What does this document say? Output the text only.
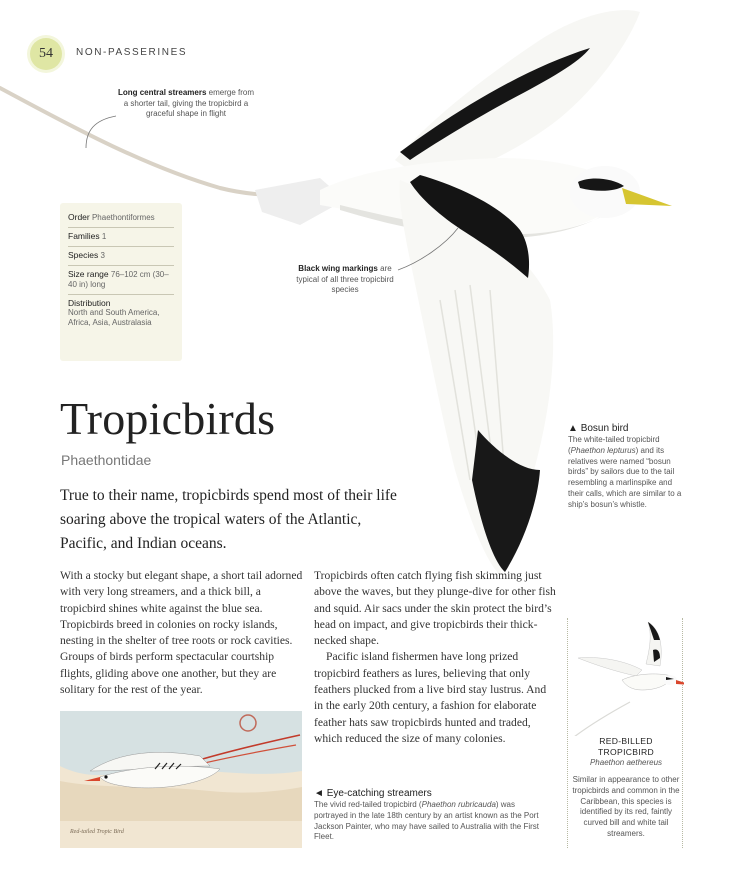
54 NON-PASSERINES
Long central streamers emerge from a shorter tail, giving the tropicbird a graceful shape in flight
Black wing markings are typical of all three tropicbird species
Order Phaethontiformes
Families 1
Species 3
Size range 76–102 cm (30–40 in) long
Distribution
North and South America, Africa, Asia, Australasia
Tropicbirds
Phaethontidae

True to their name, tropicbirds spend most of their life soaring above the tropical waters of the Atlantic, Pacific, and Indian oceans.

With a stocky but elegant shape, a short tail adorned with very long streamers, and a thick bill, a tropicbird shines white against the blue sea. Tropicbirds breed in colonies on rocky islands, nesting in the shelter of tree roots or rock cavities. Groups of birds perform spectacular courtship flights, gliding above one another, but they are solitary for the rest of the year.

Tropicbirds often catch flying fish skimming just above the waves, but they plunge-dive for other fish and squid. Air sacs under the skin protect the bird’s head on impact, and give tropicbirds their thick-necked shape.

Pacific island fishermen have long prized tropicbird feathers as lures, believing that only feathers plucked from a live bird stay lustrus. And in the early 20th century, a fashion for elaborate feather hats saw tropicbirds hunted and traded, which reduced the size of many colonies.

Red-tailed Tropic Bird
◄ Eye-catching streamers
The vivid red-tailed tropicbird (Phaethon rubricauda) was portrayed in the late 18th century by an artist known as the Port Jackson Painter, who may have sailed to Australia with the First Fleet.
▲ Bosun bird
The white-tailed tropicbird (Phaethon lepturus) and its relatives were named “bosun birds” by sailors due to the tail resembling a marlinspike and their calls, which are similar to a ship’s bosun’s whistle.
RED-BILLED
TROPICBIRD
Phaethon aethereus
Similar in appearance to other tropicbirds and common in the Caribbean, this species is identified by its red, faintly curved bill and white tail streamers.
